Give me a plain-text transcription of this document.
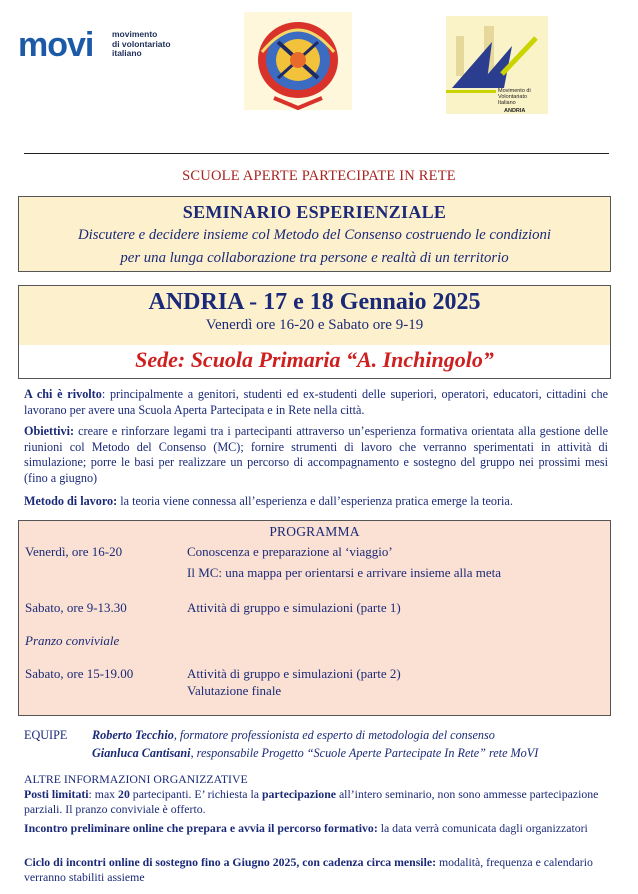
movi movimento
di volontariato
italiano
Movimento di
Volontariato
Italiano
ANDRIA
SCUOLE APERTE PARTECIPATE IN RETE
SEMINARIO ESPERIENZIALE
Discutere e decidere insieme col Metodo del Consenso costruendo le condizioni
per una lunga collaborazione tra persone e realtà di un territorio
ANDRIA - 17 e 18 Gennaio 2025
Venerdì ore 16-20 e Sabato ore 9-19
Sede: Scuola Primaria “A. Inchingolo”
A chi è rivolto: principalmente a genitori, studenti ed ex-studenti delle superiori, operatori, educatori, cittadini che lavorano per avere una Scuola Aperta Partecipata e in Rete nella città.
Obiettivi: creare e rinforzare legami tra i partecipanti attraverso un’esperienza formativa orientata alla gestione delle riunioni col Metodo del Consenso (MC); fornire strumenti di lavoro che verranno sperimentati in attività di simulazione; porre le basi per realizzare un percorso di accompagnamento e sostegno del gruppo nei prossimi mesi (fino a giugno)
Metodo di lavoro: la teoria viene connessa all’esperienza e dall’esperienza pratica emerge la teoria.
PROGRAMMA
Venerdì, ore 16-20	Conoscenza e preparazione al ‘viaggio’
Il MC: una mappa per orientarsi e arrivare insieme alla meta
Sabato, ore 9-13.30	Attività di gruppo e simulazioni (parte 1)
Pranzo conviviale
Sabato, ore 15-19.00	Attività di gruppo e simulazioni (parte 2)
Valutazione finale
EQUIPE Roberto Tecchio, formatore professionista ed esperto di metodologia del consenso
Gianluca Cantisani, responsabile Progetto “Scuole Aperte Partecipate In Rete” rete MoVI
ALTRE INFORMAZIONI ORGANIZZATIVE
Posti limitati: max 20 partecipanti. E’ richiesta la partecipazione all’intero seminario, non sono ammesse partecipazione parziali. Il pranzo conviviale è offerto.
Incontro preliminare online che prepara e avvia il percorso formativo: la data verrà comunicata dagli organizzatori
Ciclo di incontri online di sostegno fino a Giugno 2025, con cadenza circa mensile: modalità, frequenza e calendario verranno stabiliti assieme
